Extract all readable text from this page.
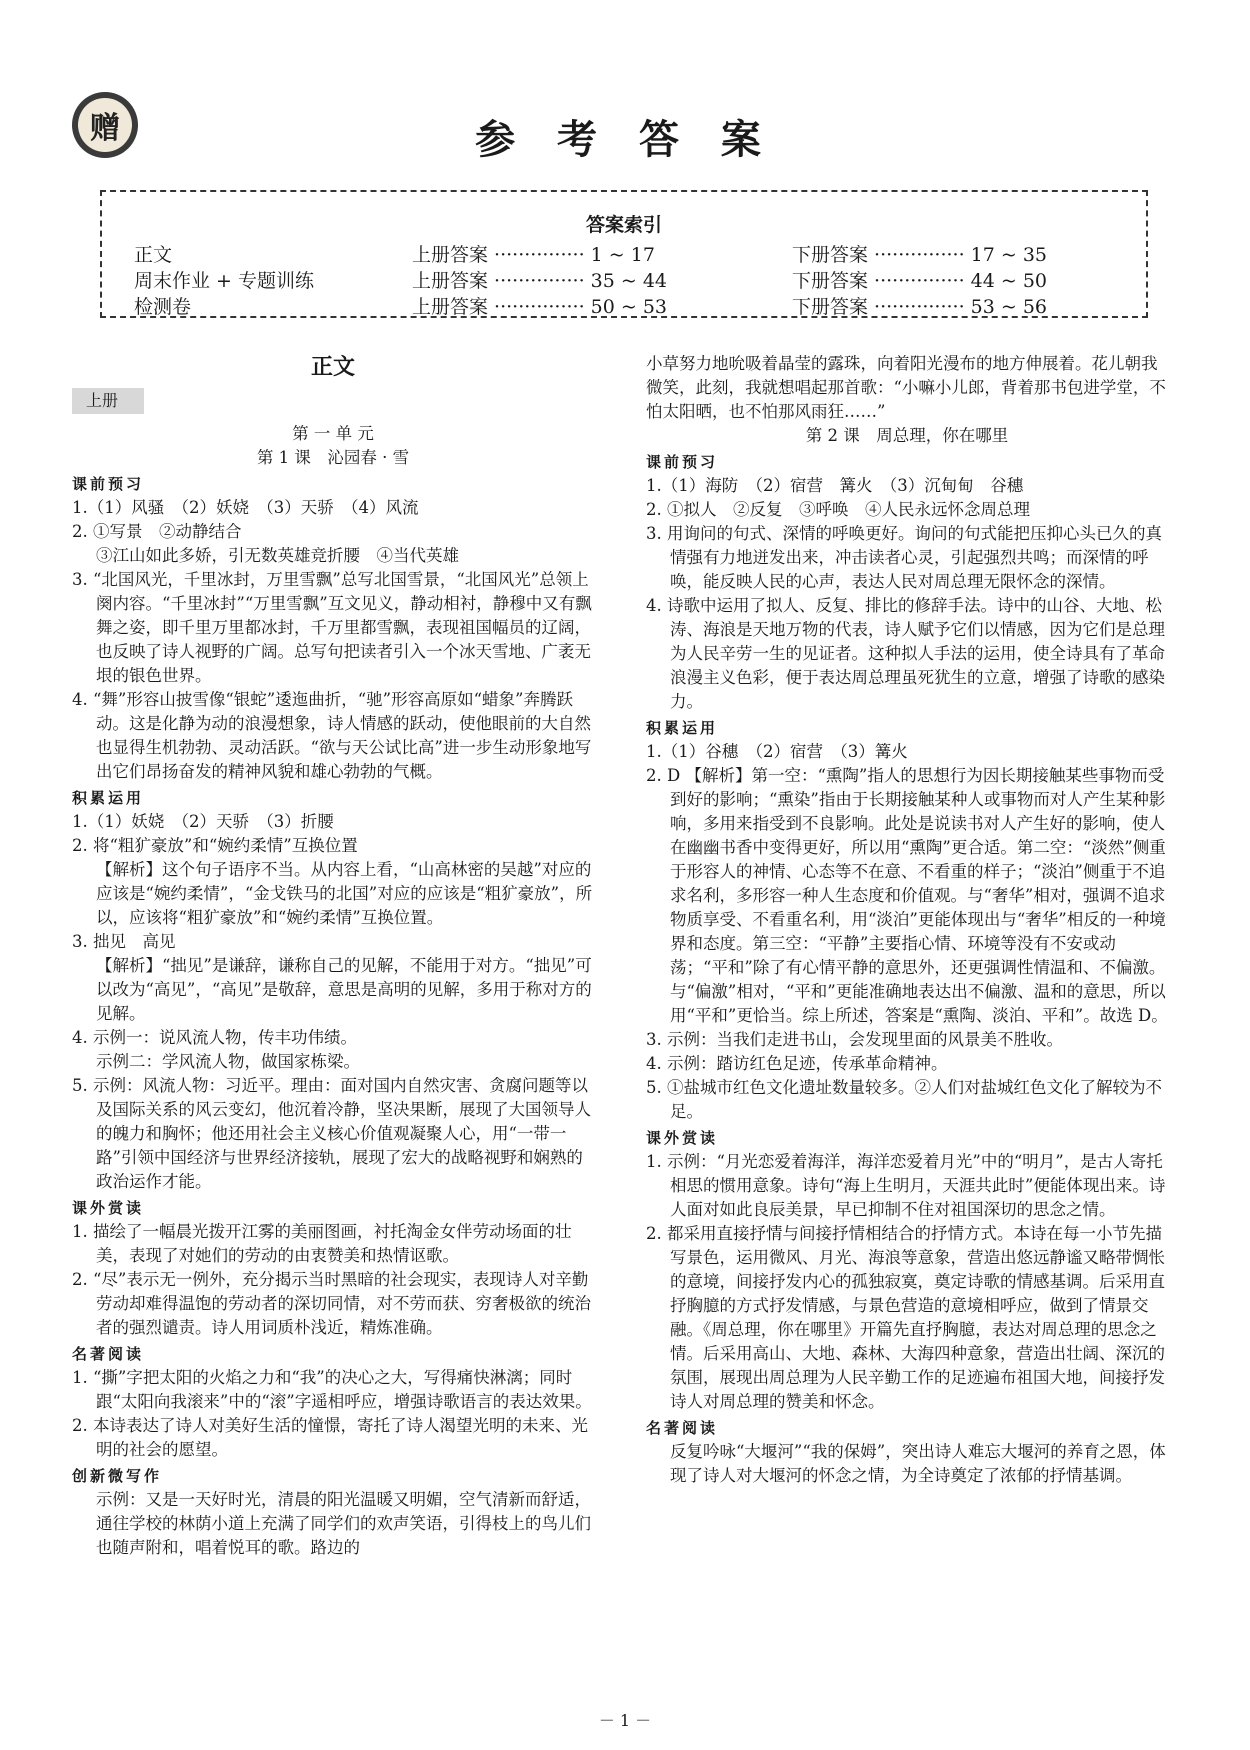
赠	参 考 答 案
答案索引
正文	上册答案 ··············· 1 ~ 17	下册答案 ··············· 17 ~ 35
周末作业 + 专题训练	上册答案 ··············· 35 ~ 44	下册答案 ··············· 44 ~ 50
检测卷	上册答案 ··············· 50 ~ 53	下册答案 ··············· 53 ~ 56
正文
上册
第 一 单 元
第 1 课　沁园春 · 雪
课前预习
1.（1）风骚　（2）妖娆　（3）天骄　（4）风流
2. ①写景　②动静结合
③江山如此多娇，引无数英雄竞折腰　④当代英雄
3. “北国风光，千里冰封，万里雪飘”总写北国雪景，“北国风光”总领上阕内容。“千里冰封”“万里雪飘”互文见义，静动相衬，静穆中又有飘舞之姿，即千里万里都冰封，千万里都雪飘，表现祖国幅员的辽阔，也反映了诗人视野的广阔。总写句把读者引入一个冰天雪地、广袤无垠的银色世界。
4. “舞”形容山披雪像“银蛇”逶迤曲折，“驰”形容高原如“蜡象”奔腾跃动。这是化静为动的浪漫想象，诗人情感的跃动，使他眼前的大自然也显得生机勃勃、灵动活跃。“欲与天公试比高”进一步生动形象地写出它们昂扬奋发的精神风貌和雄心勃勃的气概。
积累运用
1.（1）妖娆　（2）天骄　（3）折腰
2. 将“粗犷豪放”和“婉约柔情”互换位置
【解析】这个句子语序不当。从内容上看，“山高林密的吴越”对应的应该是“婉约柔情”，“金戈铁马的北国”对应的应该是“粗犷豪放”，所以，应该将“粗犷豪放”和“婉约柔情”互换位置。
3. 拙见　高见
【解析】“拙见”是谦辞，谦称自己的见解，不能用于对方。“拙见”可以改为“高见”，“高见”是敬辞，意思是高明的见解，多用于称对方的见解。
4. 示例一：说风流人物，传丰功伟绩。
示例二：学风流人物，做国家栋梁。
5. 示例：风流人物：习近平。理由：面对国内自然灾害、贪腐问题等以及国际关系的风云变幻，他沉着冷静，坚决果断，展现了大国领导人的魄力和胸怀；他还用社会主义核心价值观凝聚人心，用“一带一路”引领中国经济与世界经济接轨，展现了宏大的战略视野和娴熟的政治运作才能。
课外赏读
1. 描绘了一幅晨光拨开江雾的美丽图画，衬托淘金女伴劳动场面的壮美，表现了对她们的劳动的由衷赞美和热情讴歌。
2. “尽”表示无一例外，充分揭示当时黑暗的社会现实，表现诗人对辛勤劳动却难得温饱的劳动者的深切同情，对不劳而获、穷奢极欲的统治者的强烈谴责。诗人用词质朴浅近，精炼准确。
名著阅读
1. “撕”字把太阳的火焰之力和“我”的决心之大，写得痛快淋漓；同时跟“太阳向我滚来”中的“滚”字遥相呼应，增强诗歌语言的表达效果。
2. 本诗表达了诗人对美好生活的憧憬，寄托了诗人渴望光明的未来、光明的社会的愿望。
创新微写作
示例：又是一天好时光，清晨的阳光温暖又明媚，空气清新而舒适，通往学校的林荫小道上充满了同学们的欢声笑语，引得枝上的鸟儿们也随声附和，唱着悦耳的歌。路边的
小草努力地吮吸着晶莹的露珠，向着阳光漫布的地方伸展着。花儿朝我微笑，此刻，我就想唱起那首歌：“小嘛小儿郎，背着那书包进学堂，不怕太阳晒，也不怕那风雨狂……”
第 2 课　周总理，你在哪里
课前预习
1.（1）海防　（2）宿营　篝火　（3）沉甸甸　谷穗
2. ①拟人　②反复　③呼唤　④人民永远怀念周总理
3. 用询问的句式、深情的呼唤更好。询问的句式能把压抑心头已久的真情强有力地迸发出来，冲击读者心灵，引起强烈共鸣；而深情的呼唤，能反映人民的心声，表达人民对周总理无限怀念的深情。
4. 诗歌中运用了拟人、反复、排比的修辞手法。诗中的山谷、大地、松涛、海浪是天地万物的代表，诗人赋予它们以情感，因为它们是总理为人民辛劳一生的见证者。这种拟人手法的运用，使全诗具有了革命浪漫主义色彩，便于表达周总理虽死犹生的立意，增强了诗歌的感染力。
积累运用
1.（1）谷穗　（2）宿营　（3）篝火
2. D 【解析】第一空：“熏陶”指人的思想行为因长期接触某些事物而受到好的影响；“熏染”指由于长期接触某种人或事物而对人产生某种影响，多用来指受到不良影响。此处是说读书对人产生好的影响，使人在幽幽书香中变得更好，所以用“熏陶”更合适。第二空：“淡然”侧重于形容人的神情、心态等不在意、不看重的样子；“淡泊”侧重于不追求名利，多形容一种人生态度和价值观。与“奢华”相对，强调不追求物质享受、不看重名利，用“淡泊”更能体现出与“奢华”相反的一种境界和态度。第三空：“平静”主要指心情、环境等没有不安或动荡；“平和”除了有心情平静的意思外，还更强调性情温和、不偏激。与“偏激”相对，“平和”更能准确地表达出不偏激、温和的意思，所以用“平和”更恰当。综上所述，答案是“熏陶、淡泊、平和”。故选 D。
3. 示例：当我们走进书山，会发现里面的风景美不胜收。
4. 示例：踏访红色足迹，传承革命精神。
5. ①盐城市红色文化遗址数量较多。②人们对盐城红色文化了解较为不足。
课外赏读
1. 示例：“月光恋爱着海洋，海洋恋爱着月光”中的“明月”，是古人寄托相思的惯用意象。诗句“海上生明月，天涯共此时”便能体现出来。诗人面对如此良辰美景，早已抑制不住对祖国深切的思念之情。
2. 都采用直接抒情与间接抒情相结合的抒情方式。本诗在每一小节先描写景色，运用微风、月光、海浪等意象，营造出悠远静谧又略带惆怅的意境，间接抒发内心的孤独寂寞，奠定诗歌的情感基调。后采用直抒胸臆的方式抒发情感，与景色营造的意境相呼应，做到了情景交融。《周总理，你在哪里》开篇先直抒胸臆，表达对周总理的思念之情。后采用高山、大地、森林、大海四种意象，营造出壮阔、深沉的氛围，展现出周总理为人民辛勤工作的足迹遍布祖国大地，间接抒发诗人对周总理的赞美和怀念。
名著阅读
反复吟咏“大堰河”“我的保姆”，突出诗人难忘大堰河的养育之恩，体现了诗人对大堰河的怀念之情，为全诗奠定了浓郁的抒情基调。
－ 1 －
